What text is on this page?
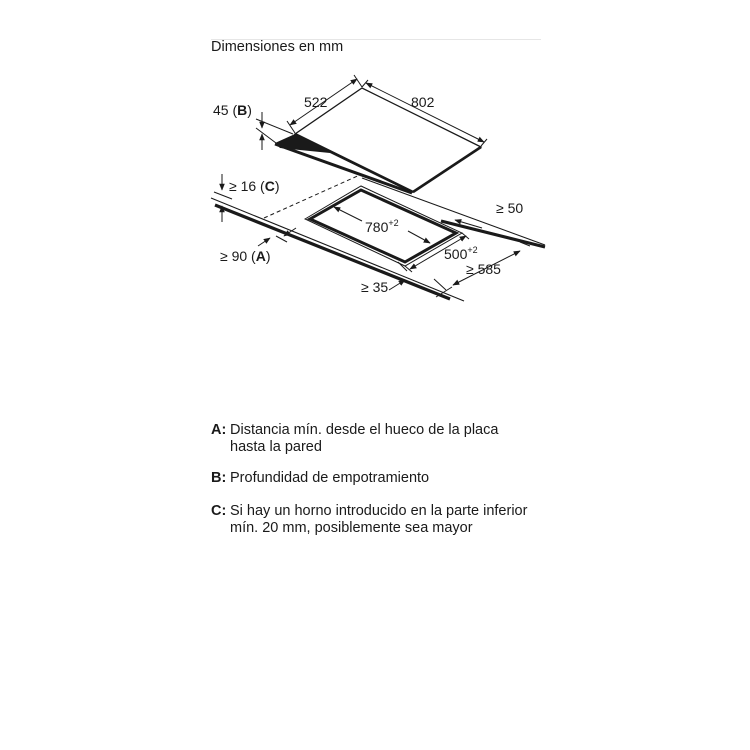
Dimensiones en mm
522	802
45 (B)
≥ 16 (C)
$780^{+2}$
$500^{+2}$
≥ 50
≥ 585
≥ 35
≥ 90 (A)
A: Distancia mín. desde el hueco de la placa hasta la pared
B: Profundidad de empotramiento
C: Si hay un horno introducido en la parte inferior mín. 20 mm, posiblemente sea mayor
